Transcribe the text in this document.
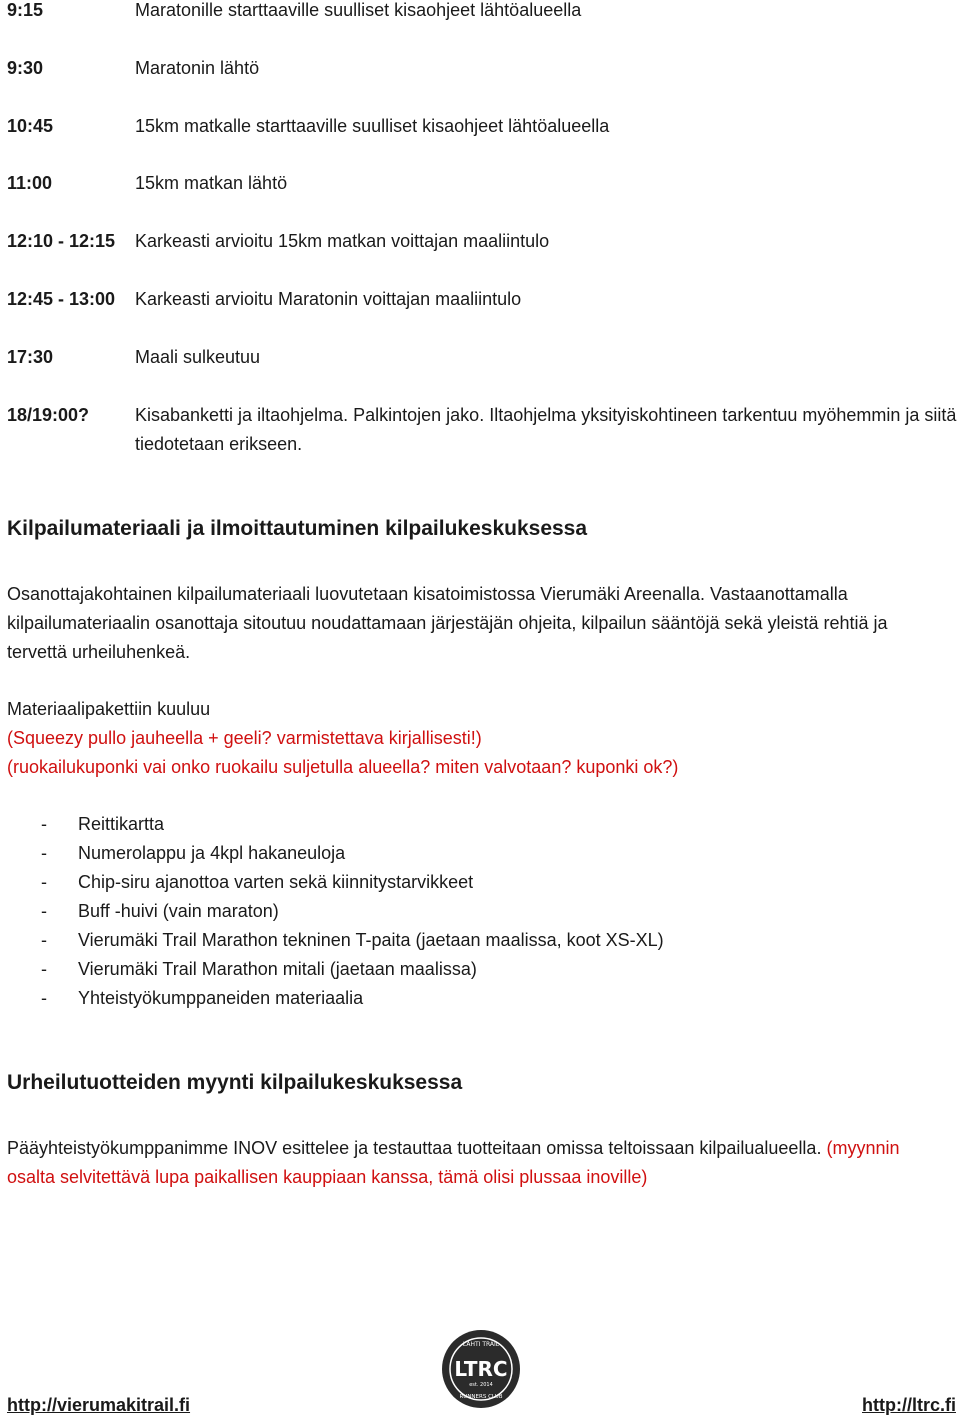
9:15	Maratonille starttaaville suulliset kisaohjeet lähtöalueella
9:30	Maratonin lähtö
10:45	15km matkalle starttaaville suulliset kisaohjeet lähtöalueella
11:00	15km matkan lähtö
12:10 - 12:15 Karkeasti arvioitu 15km matkan voittajan maaliintulo
12:45 - 13:00 Karkeasti arvioitu Maratonin voittajan maaliintulo
17:30	Maali sulkeutuu
18/19:00?	Kisabanketti ja iltaohjelma. Palkintojen jako. Iltaohjelma yksityiskohtineen tarkentuu myöhemmin ja siitä tiedotetaan erikseen.
Kilpailumateriaali ja ilmoittautuminen kilpailukeskuksessa
Osanottajakohtainen kilpailumateriaali luovutetaan kisatoimistossa Vierumäki Areenalla. Vastaanottamalla kilpailumateriaalin osanottaja sitoutuu noudattamaan järjestäjän ohjeita, kilpailun sääntöjä sekä yleistä rehtiä ja tervettä urheiluhenkeä.
Materiaalipakettiin kuuluu
(Squeezy pullo jauheella + geeli? varmistettava kirjallisesti!)
(ruokailukuponki vai onko ruokailu suljetulla alueella? miten valvotaan? kuponki ok?)
- Reittikartta
- Numerolappu ja 4kpl hakaneuloja
- Chip-siru ajanottoa varten sekä kiinnitystarvikkeet
- Buff -huivi (vain maraton)
- Vierumäki Trail Marathon tekninen T-paita (jaetaan maalissa, koot XS-XL)
- Vierumäki Trail Marathon mitali (jaetaan maalissa)
- Yhteistyökumppaneiden materiaalia
Urheilutuotteiden myynti kilpailukeskuksessa
Pääyhteistyökumppanimme INOV esittelee ja testauttaa tuotteitaan omissa teltoissaan kilpailualueella. (myynnin osalta selvitettävä lupa paikallisen kauppiaan kanssa, tämä olisi plussaa inoville)
http://vierumakitrail.fi
LAHTI TRAIL
LTRC
est. 2014
RUNNERS CLUB	http://ltrc.fi
